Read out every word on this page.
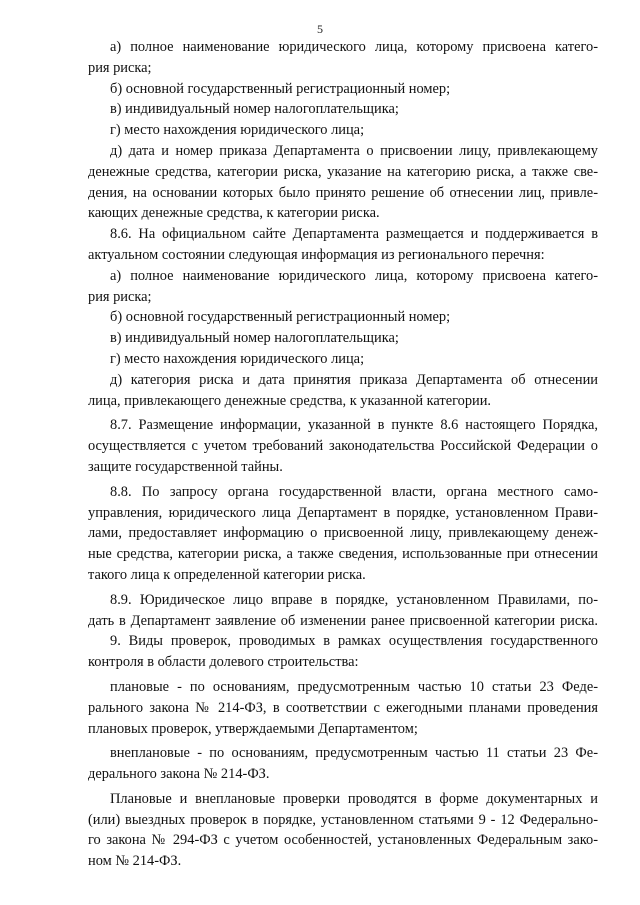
5
а) полное наименование юридического лица, которому присвоена катего-
рия риска;
б) основной государственный регистрационный номер;
в) индивидуальный номер налогоплательщика;
г) место нахождения юридического лица;
д) дата и номер приказа Департамента о присвоении лицу, привлекающему
денежные средства, категории риска, указание на категорию риска, а также све-
дения, на основании которых было принято решение об отнесении лиц, привле-
кающих денежные средства, к категории риска.
8.6. На официальном сайте Департамента размещается и поддерживается в
актуальном состоянии следующая информация из регионального перечня:
а) полное наименование юридического лица, которому присвоена катего-
рия риска;
б) основной государственный регистрационный номер;
в) индивидуальный номер налогоплательщика;
г) место нахождения юридического лица;
д) категория риска и дата принятия приказа Департамента об отнесении
лица, привлекающего денежные средства, к указанной категории.
8.7. Размещение информации, указанной в пункте 8.6 настоящего Порядка,
осуществляется с учетом требований законодательства Российской Федерации о
защите государственной тайны.
8.8. По запросу органа государственной власти, органа местного само-
управления, юридического лица Департамент в порядке, установленном Прави-
лами, предоставляет информацию о присвоенной лицу, привлекающему денеж-
ные средства, категории риска, а также сведения, использованные при отнесении
такого лица к определенной категории риска.
8.9. Юридическое лицо вправе в порядке, установленном Правилами, по-
дать в Департамент заявление об изменении ранее присвоенной категории риска.
9. Виды проверок, проводимых в рамках осуществления государственного
контроля в области долевого строительства:
плановые - по основаниям, предусмотренным частью 10 статьи 23 Феде-
рального закона № 214-ФЗ, в соответствии с ежегодными планами проведения
плановых проверок, утверждаемыми Департаментом;
внеплановые - по основаниям, предусмотренным частью 11 статьи 23 Фе-
дерального закона № 214-ФЗ.
Плановые и внеплановые проверки проводятся в форме документарных и
(или) выездных проверок в порядке, установленном статьями 9 - 12 Федерально-
го закона № 294-ФЗ с учетом особенностей, установленных Федеральным зако-
ном № 214-ФЗ.
